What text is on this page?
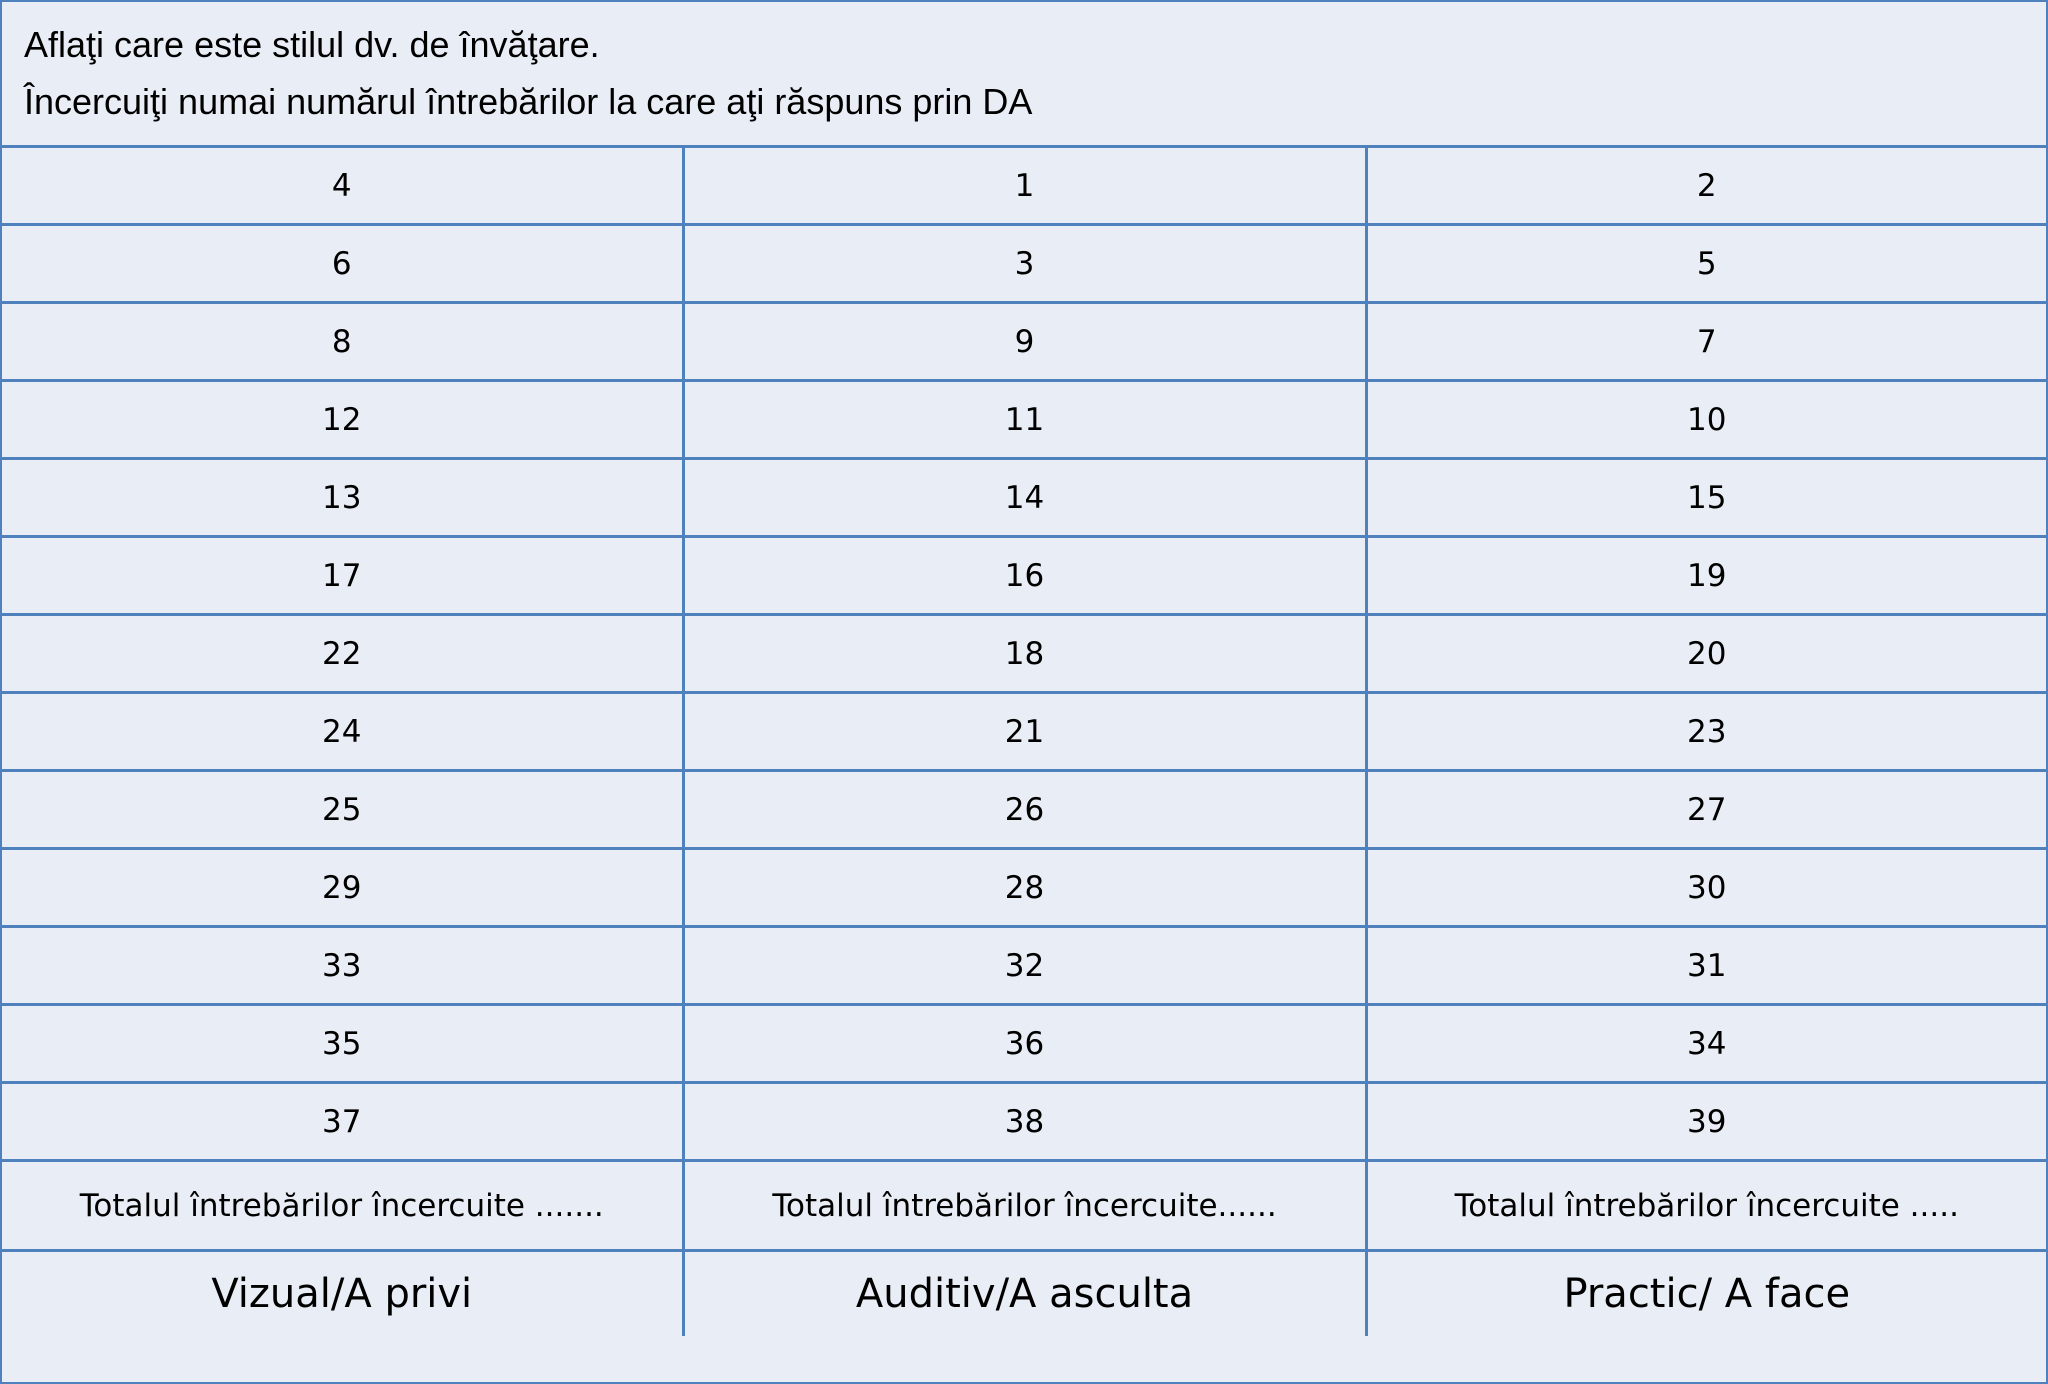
Aflaţi care este stilul dv. de învăţare.
Încercuiţi numai numărul întrebărilor la care aţi răspuns prin DA
4	1	2
6	3	5
8	9	7
12	11	10
13	14	15
17	16	19
22	18	20
24	21	23
25	26	27
29	28	30
33	32	31
35	36	34
37	38	39
Totalul întrebărilor încercuite .......	Totalul întrebărilor încercuite......	Totalul întrebărilor încercuite .....
Vizual/A privi	Auditiv/A asculta	Practic/ A face
